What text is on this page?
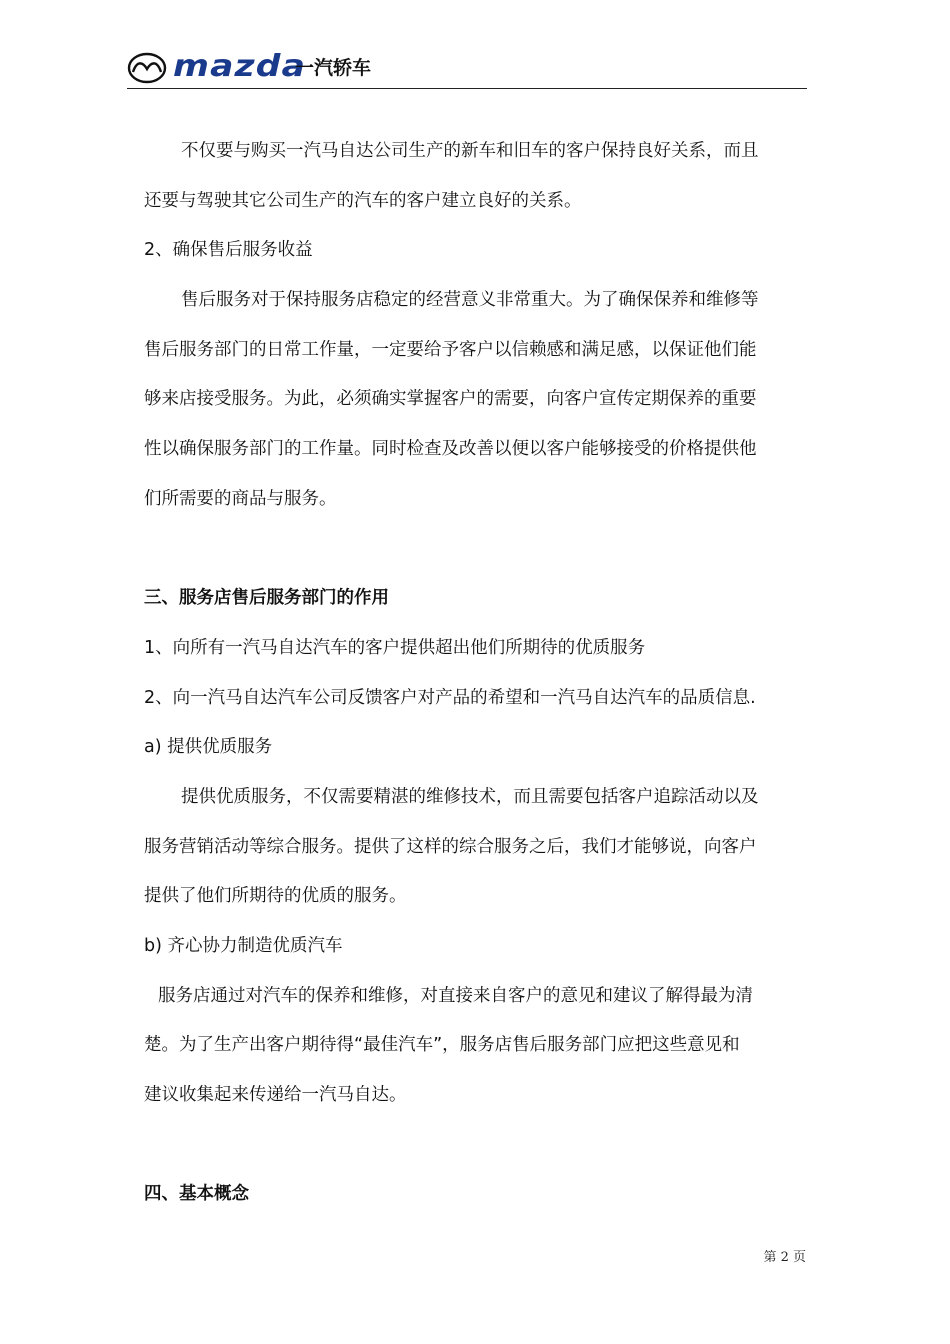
mazda
一汽轿车
不仅要与购买一汽马自达公司生产的新车和旧车的客户保持良好关系，而且
还要与驾驶其它公司生产的汽车的客户建立良好的关系。
2、确保售后服务收益
售后服务对于保持服务店稳定的经营意义非常重大。为了确保保养和维修等
售后服务部门的日常工作量，一定要给予客户以信赖感和满足感，以保证他们能
够来店接受服务。为此，必须确实掌握客户的需要，向客户宣传定期保养的重要
性以确保服务部门的工作量。同时检查及改善以便以客户能够接受的价格提供他
们所需要的商品与服务。
三、服务店售后服务部门的作用
1、向所有一汽马自达汽车的客户提供超出他们所期待的优质服务
2、向一汽马自达汽车公司反馈客户对产品的希望和一汽马自达汽车的品质信息.
a) 提供优质服务
提供优质服务，不仅需要精湛的维修技术，而且需要包括客户追踪活动以及
服务营销活动等综合服务。提供了这样的综合服务之后，我们才能够说，向客户
提供了他们所期待的优质的服务。
b) 齐心协力制造优质汽车
服务店通过对汽车的保养和维修，对直接来自客户的意见和建议了解得最为清
楚。为了生产出客户期待得“最佳汽车”，服务店售后服务部门应把这些意见和
建议收集起来传递给一汽马自达。
四、基本概念
第 2 页
